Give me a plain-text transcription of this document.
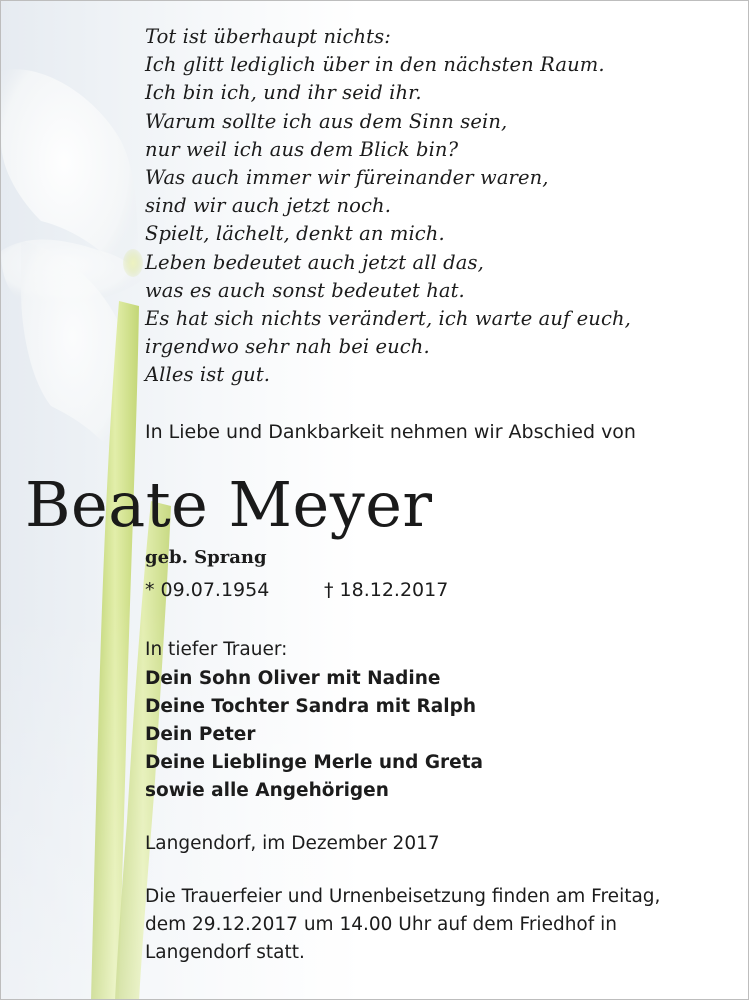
Tot ist überhaupt nichts:
Ich glitt lediglich über in den nächsten Raum.
Ich bin ich, und ihr seid ihr.
Warum sollte ich aus dem Sinn sein,
nur weil ich aus dem Blick bin?
Was auch immer wir füreinander waren,
sind wir auch jetzt noch.
Spielt, lächelt, denkt an mich.
Leben bedeutet auch jetzt all das,
was es auch sonst bedeutet hat.
Es hat sich nichts verändert, ich warte auf euch,
irgendwo sehr nah bei euch.
Alles ist gut.
In Liebe und Dankbarkeit nehmen wir Abschied von
Beate Meyer
geb. Sprang
* 09.07.1954	† 18.12.2017
In tiefer Trauer:
Dein Sohn Oliver mit Nadine
Deine Tochter Sandra mit Ralph
Dein Peter
Deine Lieblinge Merle und Greta
sowie alle Angehörigen
Langendorf, im Dezember 2017
Die Trauerfeier und Urnenbeisetzung finden am Freitag,
dem 29.12.2017 um 14.00 Uhr auf dem Friedhof in
Langendorf statt.
